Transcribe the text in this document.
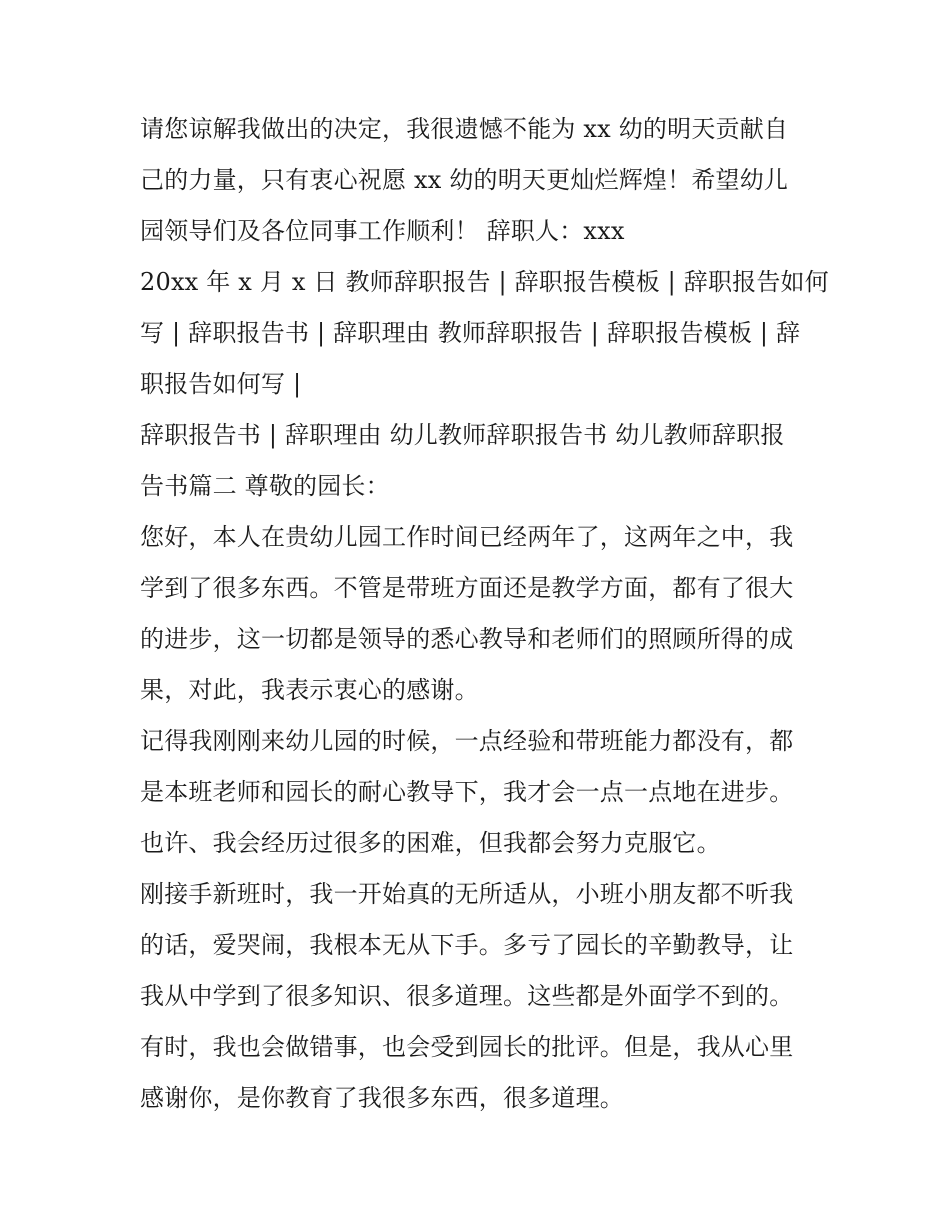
请您谅解我做出的决定，我很遗憾不能为 xx 幼的明天贡献自
己的力量，只有衷心祝愿 xx 幼的明天更灿烂辉煌！希望幼儿
园领导们及各位同事工作顺利！ 辞职人：xxx
20xx 年 x 月 x 日 教师辞职报告 | 辞职报告模板 | 辞职报告如何
写 | 辞职报告书 | 辞职理由 教师辞职报告 | 辞职报告模板 | 辞
职报告如何写 |
辞职报告书 | 辞职理由 幼儿教师辞职报告书 幼儿教师辞职报
告书篇二 尊敬的园长：
您好，本人在贵幼儿园工作时间已经两年了，这两年之中，我
学到了很多东西。不管是带班方面还是教学方面，都有了很大
的进步，这一切都是领导的悉心教导和老师们的照顾所得的成
果，对此，我表示衷心的感谢。
记得我刚刚来幼儿园的时候，一点经验和带班能力都没有，都
是本班老师和园长的耐心教导下，我才会一点一点地在进步。
也许、我会经历过很多的困难，但我都会努力克服它。
刚接手新班时，我一开始真的无所适从，小班小朋友都不听我
的话，爱哭闹，我根本无从下手。多亏了园长的辛勤教导，让
我从中学到了很多知识、很多道理。这些都是外面学不到的。
有时，我也会做错事，也会受到园长的批评。但是，我从心里
感谢你，是你教育了我很多东西，很多道理。
